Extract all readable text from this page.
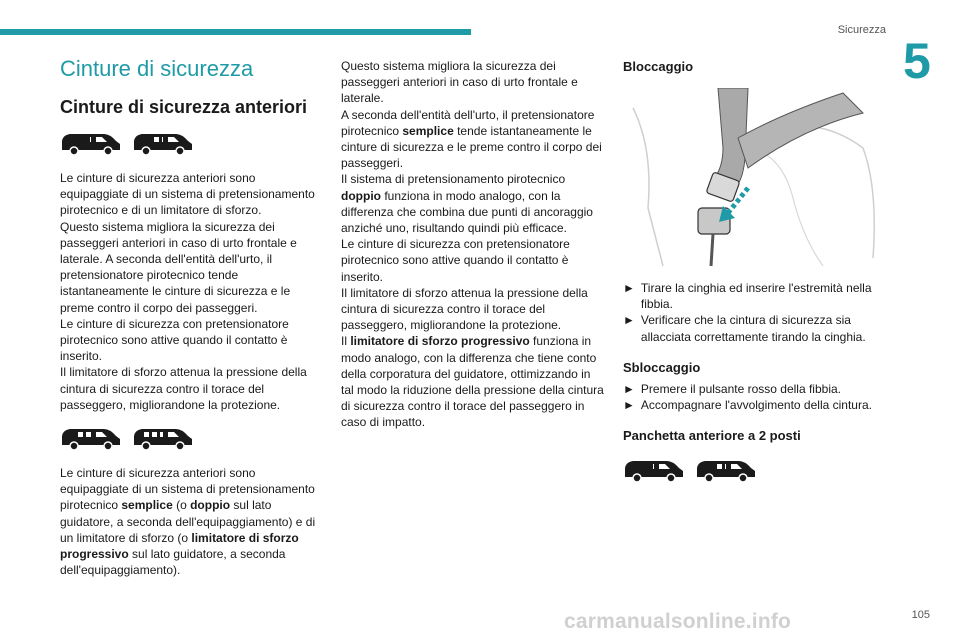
Sicurezza
5
Cinture di sicurezza
Cinture di sicurezza anteriori

Le cinture di sicurezza anteriori sono equipaggiate di un sistema di pretensionamento pirotecnico e di un limitatore di sforzo.

Questo sistema migliora la sicurezza dei passeggeri anteriori in caso di urto frontale e laterale. A seconda dell'entità dell'urto, il pretensionatore pirotecnico tende istantaneamente le cinture di sicurezza e le preme contro il corpo dei passeggeri.

Le cinture di sicurezza con pretensionatore pirotecnico sono attive quando il contatto è inserito.

Il limitatore di sforzo attenua la pressione della cintura di sicurezza contro il torace del passeggero, migliorandone la protezione.

Le cinture di sicurezza anteriori sono equipaggiate di un sistema di pretensionamento pirotecnico semplice (o doppio sul lato guidatore, a seconda dell'equipaggiamento) e di un limitatore di sforzo (o limitatore di sforzo progressivo sul lato guidatore, a seconda dell'equipaggiamento).

Questo sistema migliora la sicurezza dei passeggeri anteriori in caso di urto frontale e laterale.

A seconda dell'entità dell'urto, il pretensionatore pirotecnico semplice tende istantaneamente le cinture di sicurezza e le preme contro il corpo dei passeggeri.

Il sistema di pretensionamento pirotecnico doppio funziona in modo analogo, con la differenza che combina due punti di ancoraggio anziché uno, risultando quindi più efficace.

Le cinture di sicurezza con pretensionatore pirotecnico sono attive quando il contatto è inserito.

Il limitatore di sforzo attenua la pressione della cintura di sicurezza contro il torace del passeggero, migliorandone la protezione.

Il limitatore di sforzo progressivo funziona in modo analogo, con la differenza che tiene conto della corporatura del guidatore, ottimizzando in tal modo la riduzione della pressione della cintura di sicurezza contro il torace del passeggero in caso di impatto.

Bloccaggio

► Tirare la cinghia ed inserire l'estremità nella fibbia.

► Verificare che la cintura di sicurezza sia allacciata correttamente tirando la cinghia.

Sbloccaggio

► Premere il pulsante rosso della fibbia.

► Accompagnare l'avvolgimento della cintura.

Panchetta anteriore a 2 posti
carmanualsonline.info	105
